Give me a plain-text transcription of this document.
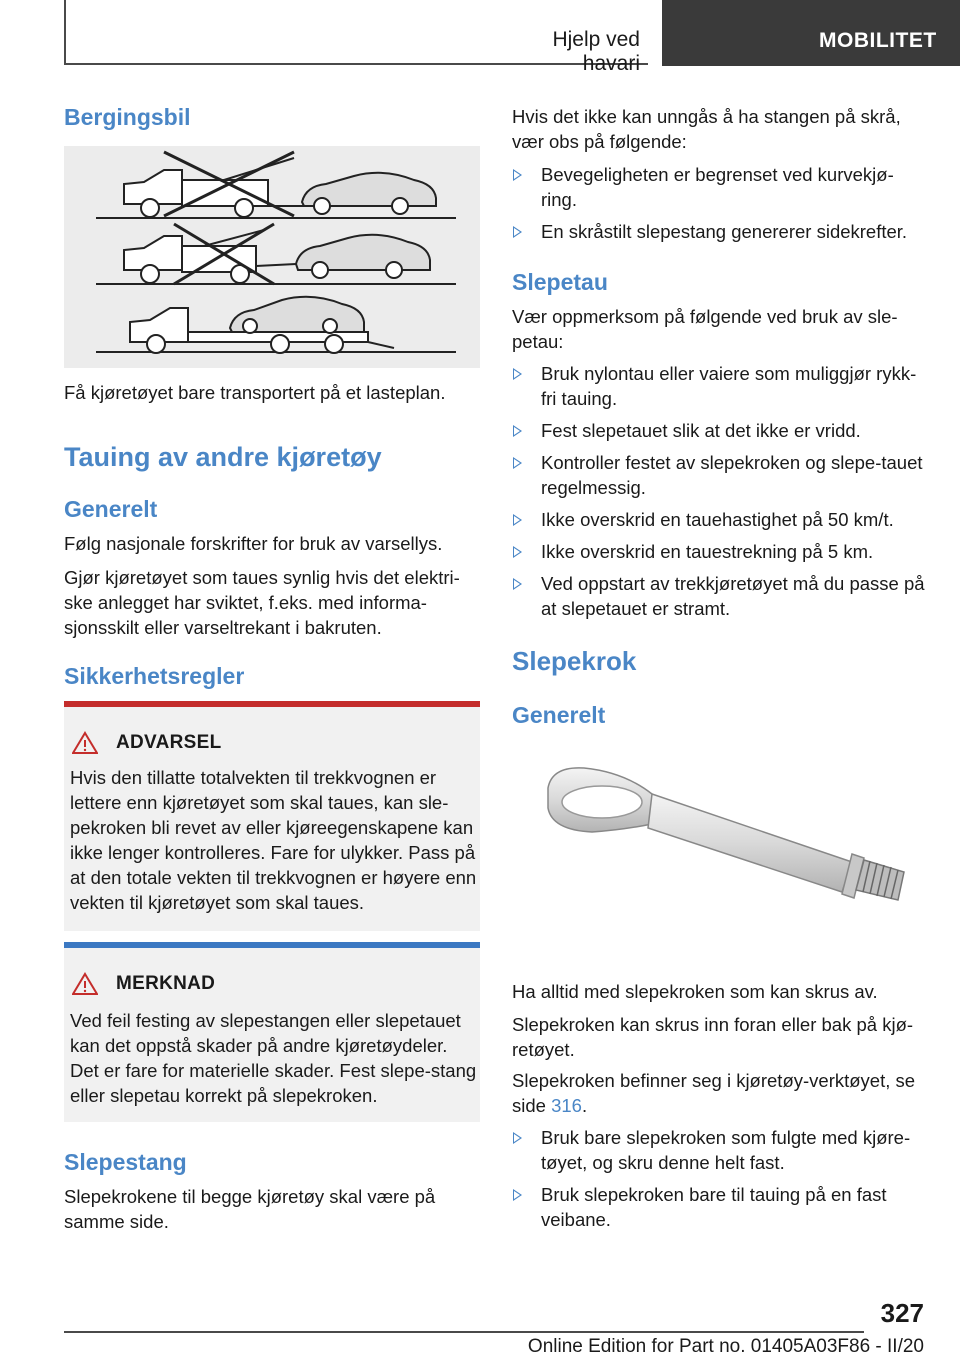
Hjelp ved havari
MOBILITET
Bergingsbil

Få kjøretøyet bare transportert på et lasteplan.

Tauing av andre kjøretøy
Generelt

Følg nasjonale forskrifter for bruk av varsellys.

Gjør kjøretøyet som taues synlig hvis det elektri-ske anlegget har sviktet, f.eks. med informa-sjonsskilt eller varseltrekant i bakruten.

Sikkerhetsregler
ADVARSEL

Hvis den tillatte totalvekten til trekkvognen er lettere enn kjøretøyet som skal taues, kan sle-pekroken bli revet av eller kjøreegenskapene kan ikke lenger kontrolleres. Fare for ulykker. Pass på at den totale vekten til trekkvognen er høyere enn vekten til kjøretøyet som skal taues.

MERKNAD

Ved feil festing av slepestangen eller slepetauet kan det oppstå skader på andre kjøretøydeler. Det er fare for materielle skader. Fest slepe-stang eller slepetau korrekt på slepekroken.

Slepestang

Slepekrokene til begge kjøretøy skal være på samme side.

Hvis det ikke kan unngås å ha stangen på skrå, vær obs på følgende:

Bevegeligheten er begrenset ved kurvekjø-ring.
En skråstilt slepestang genererer sidekrefter.
Slepetau

Vær oppmerksom på følgende ved bruk av sle-petau:

Bruk nylontau eller vaiere som muliggjør rykk-fri tauing.
Fest slepetauet slik at det ikke er vridd.
Kontroller festet av slepekroken og slepe-tauet regelmessig.
Ikke overskrid en tauehastighet på 50 km/t.
Ikke overskrid en tauestrekning på 5 km.
Ved oppstart av trekkjøretøyet må du passe på at slepetauet er stramt.
Slepekrok
Generelt

Ha alltid med slepekroken som kan skrus av.

Slepekroken kan skrus inn foran eller bak på kjø-retøyet.

Slepekroken befinner seg i kjøretøy-verktøyet, se side 316.

Bruk bare slepekroken som fulgte med kjøre-tøyet, og skru denne helt fast.
Bruk slepekroken bare til tauing på en fast veibane.
327
Online Edition for Part no. 01405A03F86 - II/20
